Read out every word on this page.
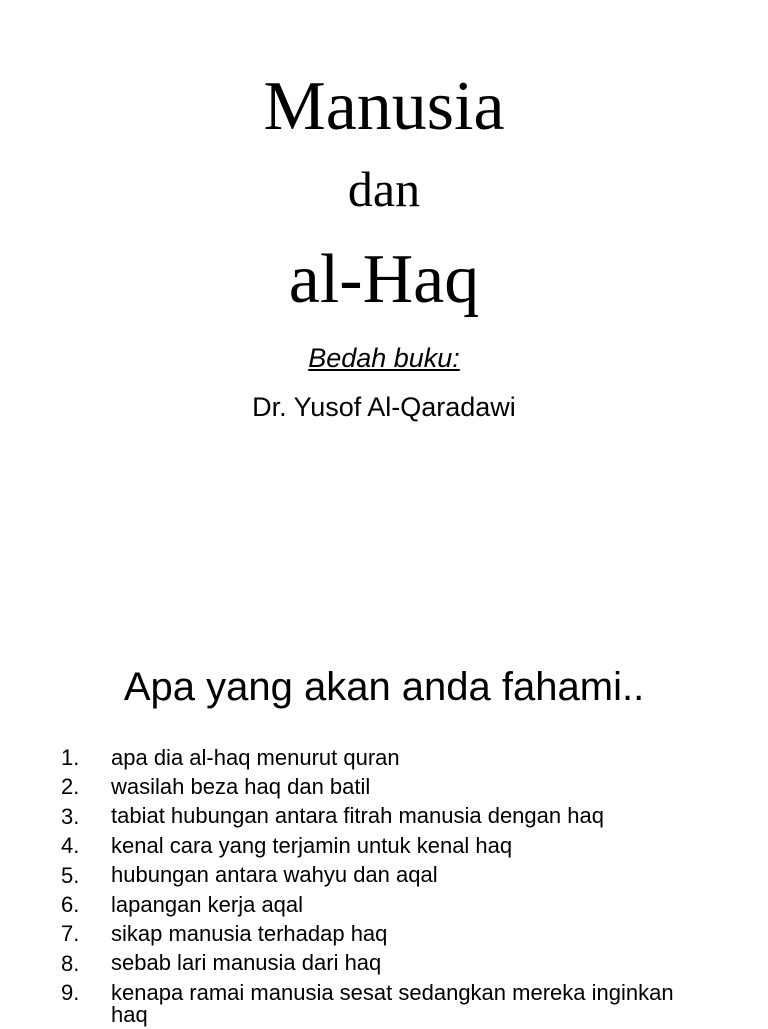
Manusia
dan
al-Haq
Bedah buku:
Dr. Yusof Al-Qaradawi
Apa yang akan anda fahami..
1. apa dia al-haq menurut quran
2. wasilah beza haq dan batil
3. tabiat hubungan antara fitrah manusia dengan haq
4. kenal cara yang terjamin untuk kenal haq
5. hubungan antara wahyu dan aqal
6. lapangan kerja aqal
7. sikap manusia terhadap haq
8. sebab lari manusia dari haq
9. kenapa ramai manusia sesat sedangkan mereka inginkan haq
